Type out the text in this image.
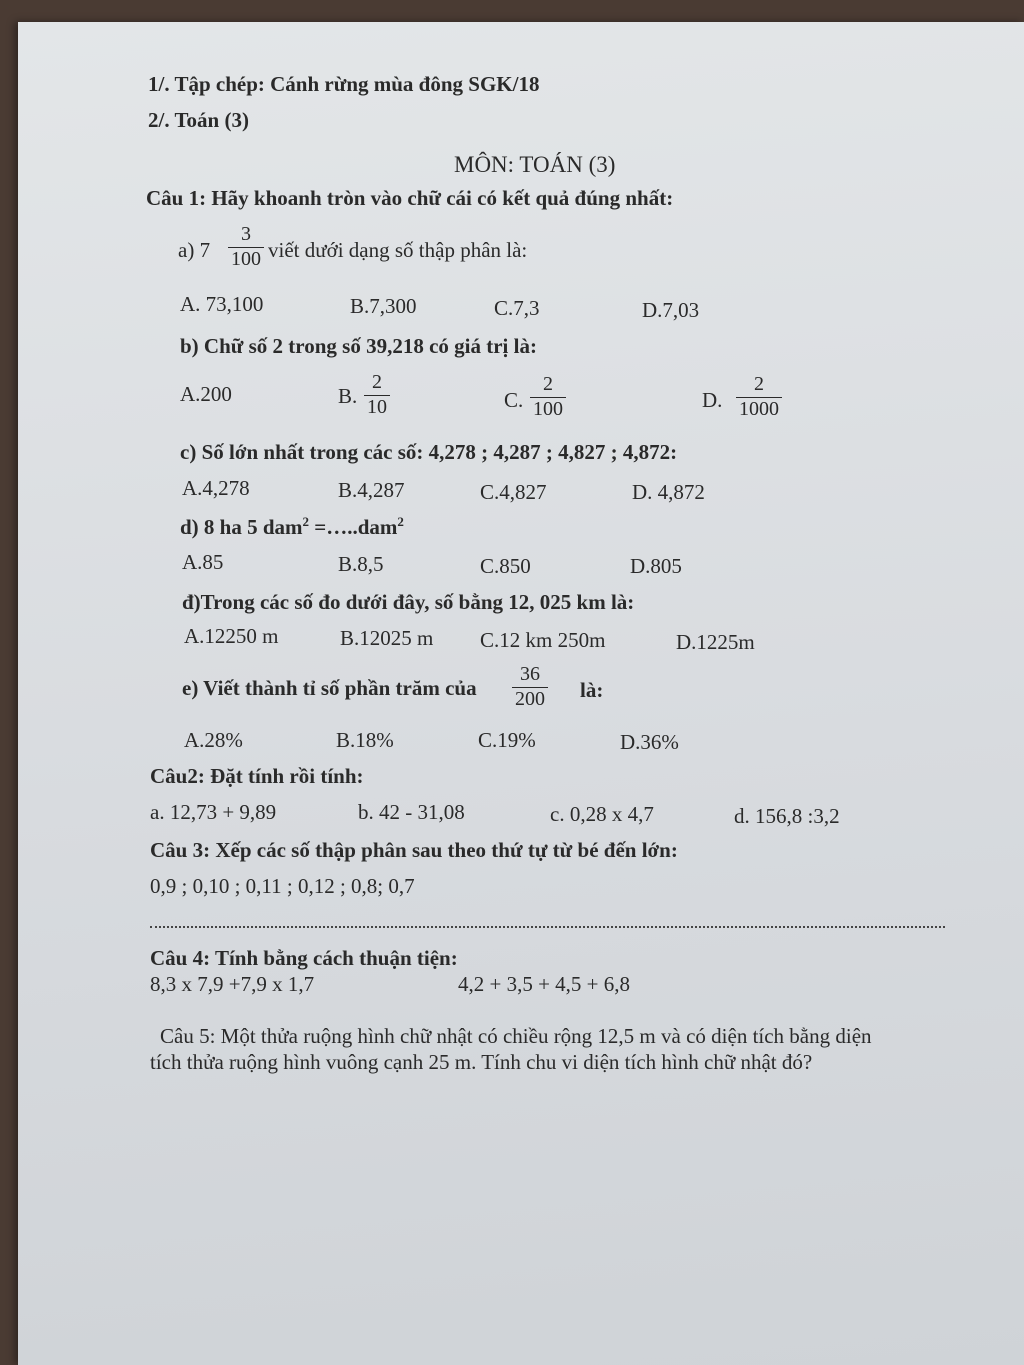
1/. Tập chép: Cánh rừng mùa đông SGK/18
2/. Toán (3)
MÔN: TOÁN (3)
Câu 1: Hãy khoanh tròn vào chữ cái có kết quả đúng nhất:
a) $7 \frac{3}{100}$ viết dưới dạng số thập phân là:
A. 73,100	B.7,300	C.7,3	D.7,03
b) Chữ số 2 trong số 39,218 có giá trị là:
A.200	B. $\frac{2}{10}$	C. $\frac{2}{100}$	D. $\frac{2}{1000}$
c) Số lớn nhất trong các số: 4,278 ; 4,287 ; 4,827 ; 4,872:
A.4,278	B.4,287	C.4,827	D. 4,872
d) 8 ha 5 dam$^2$ =…..dam$^2$
A.85	B.8,5	C.850	D.805
đ)Trong các số đo dưới đây, số bằng 12, 025 km là:
A.12250 m	B.12025 m C.12 km 250m	D.1225m
e) Viết thành tỉ số phần trăm của $\frac{36}{200}$ là:
A.28%	B.18%	C.19%	D.36%
Câu2: Đặt tính rồi tính:
a. 12,73 + 9,89	b. 42 - 31,08	c. 0,28 x 4,7	d. 156,8 :3,2
Câu 3: Xếp các số thập phân sau theo thứ tự từ bé đến lớn:
0,9 ; 0,10 ; 0,11 ; 0,12 ; 0,8; 0,7
Câu 4: Tính bằng cách thuận tiện:
8,3 x 7,9 +7,9 x 1,7	4,2 + 3,5 + 4,5 + 6,8
Câu 5: Một thửa ruộng hình chữ nhật có chiều rộng 12,5 m và có diện tích bằng diện
tích thửa ruộng hình vuông cạnh 25 m. Tính chu vi diện tích hình chữ nhật đó?
